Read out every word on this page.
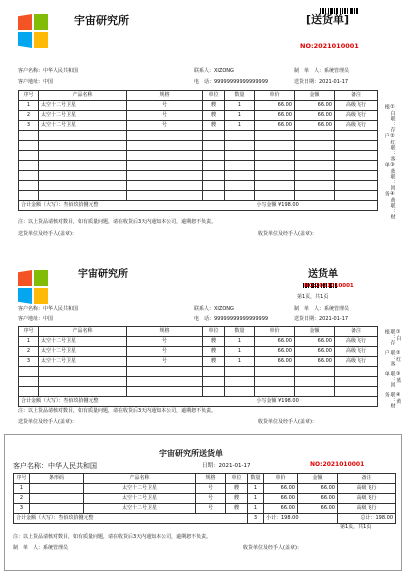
宇宙研究所	[送货单]
NO:2021010001
客户名称：中华人民共和国	联系人：XIZONG	制　单　人：系统管理员
客户地址：中国	电　话：99999999999999999	送货日期：2021-01-17
序号	产品名称	规格	单位	数量	单价	金额	备注
1	太空十二号卫星	号	艘	1	66.00	66.00	高级飞行
2	太空十二号卫星	号	艘	1	66.00	66.00	高级飞行
3	太空十二号卫星	号	艘	1	66.00	66.00	高级飞行

合计金额（大写）：叁佰玖拾捌元整					小写金额 ¥198.00		
①白联：存根
②红联：客户
③蓝联：回单
④黄联：财务
注：以上货品请核对数目，如有质量问题，请在收货后3天内通知本公司，逾期恕不负责。
送货单位及经手人(盖章)：	收货单位及经手人(盖章)：
宇宙研究所	送货单
NO:2021010001
第1页，共1页
客户名称：中华人民共和国	联系人：XIZONG	制　单　人：系统管理员
客户地址：中国	电　话：99999999999999999	送货日期：2021-01-17
序号	产品名称	规格	单位	数量	单价	金额	备注
1	太空十二号卫星	号	艘	1	66.00	66.00	高级飞行
2	太空十二号卫星	号	艘	1	66.00	66.00	高级飞行
3	太空十二号卫星	号	艘	1	66.00	66.00	高级飞行

合计金额（大写）：叁佰玖拾捌元整					小写金额 ¥198.00		
①白联：存根
②红联：客户
③蓝联：回单
④黄联：财务
注：以上货品请核对数目，如有质量问题，请在收货后3天内通知本公司，逾期恕不负责。
送货单位及经手人(盖章)：	收货单位及经手人(盖章)：
宇宙研究所送货单
客户名称：中华人民共和国	日期：2021-01-17	NO:2021010001
序号	条形码	产品名称	规格	单位	数量	单价	金额	备注
1		太空十二号卫星	号	艘	1	66.00	66.00	高级飞行
2		太空十二号卫星	号	艘	1	66.00	66.00	高级飞行
3		太空十二号卫星	号	艘	1	66.00	66.00	高级飞行
合计金额（大写）：叁佰玖拾捌元整					3	小计：198.00		总计：198.00
第1页，共1页
注：以上货品请核对数目，如有质量问题，请在收货后3天内通知本公司，逾期恕不负责。
制　单　人：系统管理员	收货单位及经手人(盖章)：
